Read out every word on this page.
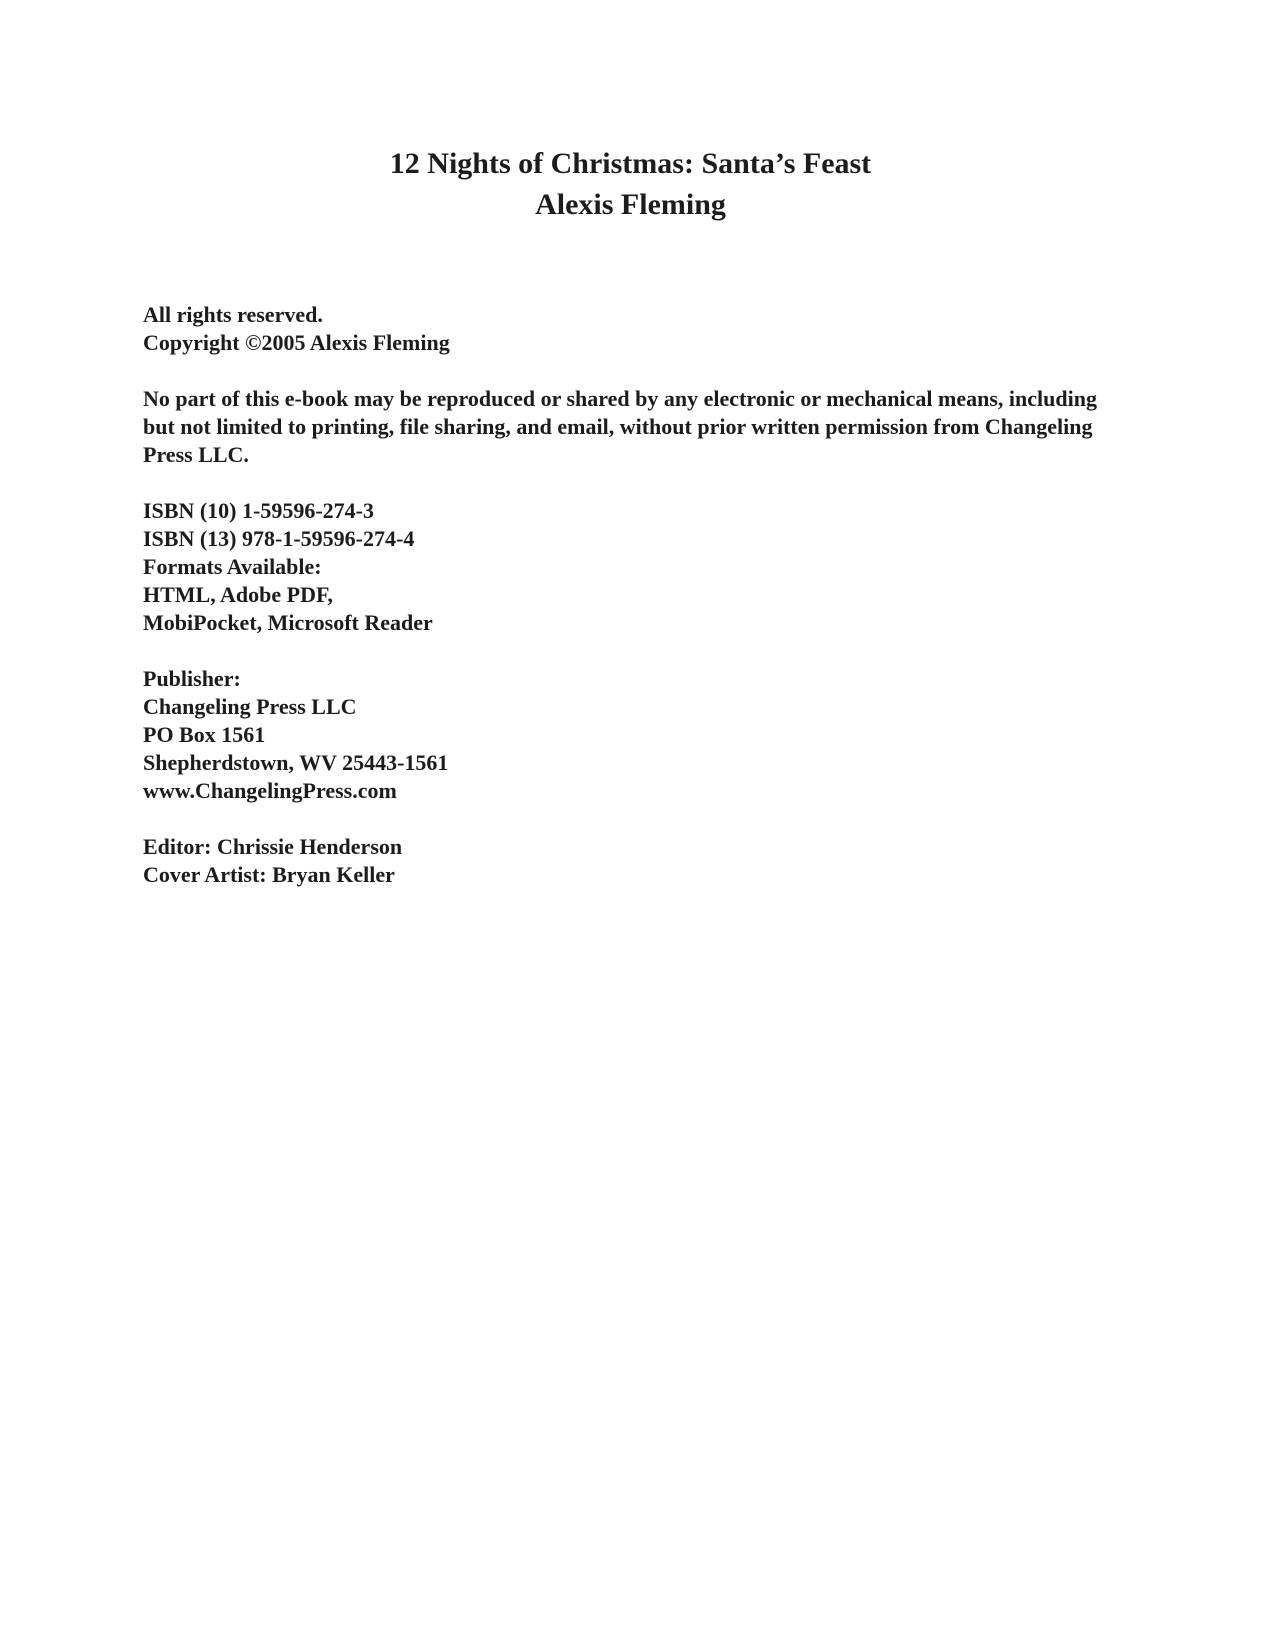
12 Nights of Christmas: Santa’s Feast
Alexis Fleming
All rights reserved.
Copyright ©2005 Alexis Fleming
No part of this e-book may be reproduced or shared by any electronic or mechanical means, including but not limited to printing, file sharing, and email, without prior written permission from Changeling Press LLC.
ISBN (10) 1-59596-274-3
ISBN (13) 978-1-59596-274-4
Formats Available:
HTML, Adobe PDF,
MobiPocket, Microsoft Reader
Publisher:
Changeling Press LLC
PO Box 1561
Shepherdstown, WV 25443-1561
www.ChangelingPress.com
Editor: Chrissie Henderson
Cover Artist: Bryan Keller
